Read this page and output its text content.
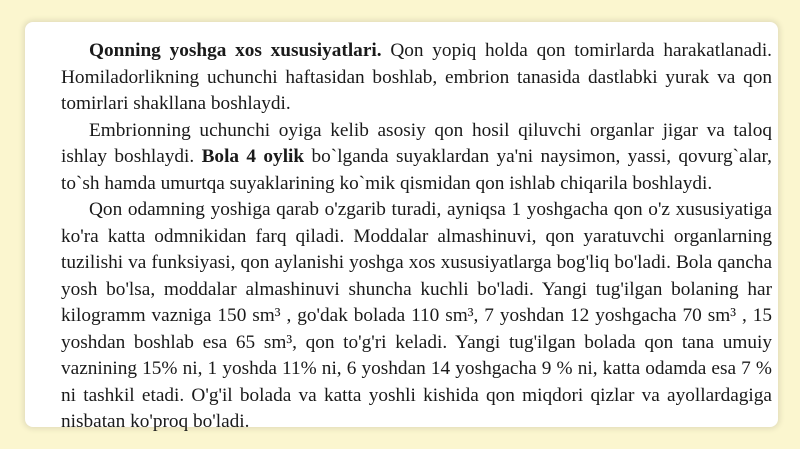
Qonning yoshga xos xususiyatlari. Qon yopiq holda qon tomirlarda harakatlanadi. Homiladorlikning uchunchi haftasidan boshlab, embrion tanasida dastlabki yurak va qon tomirlari shakllana boshlaydi.

Embrionning uchunchi oyiga kelib asosiy qon hosil qiluvchi organlar jigar va taloq ishlay boshlaydi. Bola 4 oylik bo`lganda suyaklardan ya'ni naysimon, yassi, qovurg`alar, to`sh hamda umurtqa suyaklarining ko`mik qismidan qon ishlab chiqarila boshlaydi.

Qon odamning yoshiga qarab o'zgarib turadi, ayniqsa 1 yoshgacha qon o'z xususiyatiga ko'ra katta odmnikidan farq qiladi. Moddalar almashinuvi, qon yaratuvchi organlarning tuzilishi va funksiyasi, qon aylanishi yoshga xos xususiyatlarga bog'liq bo'ladi. Bola qancha yosh bo'lsa, moddalar almashinuvi shuncha kuchli bo'ladi. Yangi tug'ilgan bolaning har kilogramm vazniga 150 sm³ , go'dak bolada 110 sm³, 7 yoshdan 12 yoshgacha 70 sm³ , 15 yoshdan boshlab esa 65 sm³, qon to'g'ri keladi. Yangi tug'ilgan bolada qon tana umuiy vaznining 15% ni, 1 yoshda 11% ni, 6 yoshdan 14 yoshgacha 9 % ni, katta odamda esa 7 % ni tashkil etadi. O'g'il bolada va katta yoshli kishida qon miqdori qizlar va ayollardagiga nisbatan ko'proq bo'ladi.
